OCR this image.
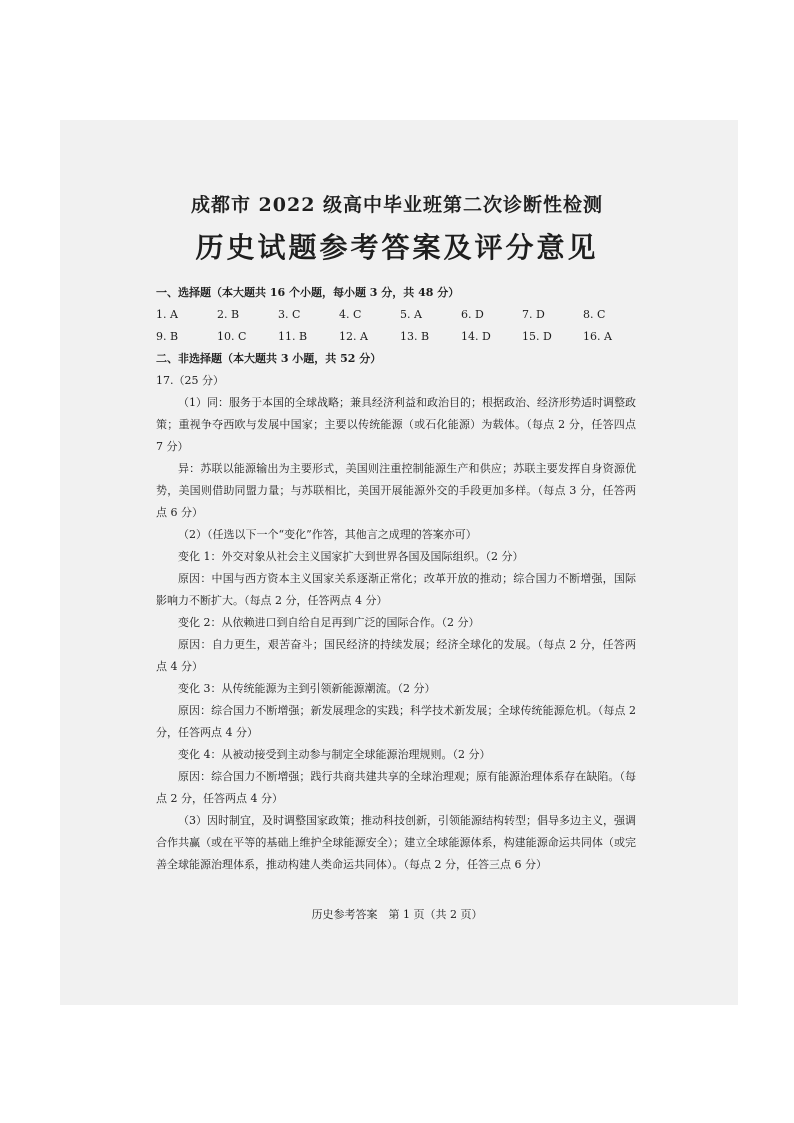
成都市 2022 级高中毕业班第二次诊断性检测
历史试题参考答案及评分意见

一、选择题（本大题共 16 个小题，每小题 3 分，共 48 分）

1. A	2. B	3. C	4. C	5. A	6. D	7. D	8. C
9. B	10. C	11. B	12. A	13. B	14. D	15. D	16. A

二、非选择题（本大题共 3 小题，共 52 分）

17.（25 分）

（1）同：服务于本国的全球战略；兼具经济利益和政治目的；根据政治、经济形势适时调整政策；重视争夺西欧与发展中国家；主要以传统能源（或石化能源）为载体。（每点 2 分，任答四点 7 分）

异：苏联以能源输出为主要形式，美国则注重控制能源生产和供应；苏联主要发挥自身资源优势，美国则借助同盟力量；与苏联相比，美国开展能源外交的手段更加多样。（每点 3 分，任答两点 6 分）

（2）（任选以下一个“变化”作答，其他言之成理的答案亦可）

变化 1：外交对象从社会主义国家扩大到世界各国及国际组织。（2 分）

原因：中国与西方资本主义国家关系逐渐正常化；改革开放的推动；综合国力不断增强，国际影响力不断扩大。（每点 2 分，任答两点 4 分）

变化 2：从依赖进口到自给自足再到广泛的国际合作。（2 分）

原因：自力更生，艰苦奋斗；国民经济的持续发展；经济全球化的发展。（每点 2 分，任答两点 4 分）

变化 3：从传统能源为主到引领新能源潮流。（2 分）

原因：综合国力不断增强；新发展理念的实践；科学技术新发展；全球传统能源危机。（每点 2 分，任答两点 4 分）

变化 4：从被动接受到主动参与制定全球能源治理规则。（2 分）

原因：综合国力不断增强；践行共商共建共享的全球治理观；原有能源治理体系存在缺陷。（每点 2 分，任答两点 4 分）

（3）因时制宜，及时调整国家政策；推动科技创新，引领能源结构转型；倡导多边主义，强调合作共赢（或在平等的基础上维护全球能源安全）；建立全球能源体系，构建能源命运共同体（或完善全球能源治理体系，推动构建人类命运共同体）。（每点 2 分，任答三点 6 分）

历史参考答案　第 1 页（共 2 页）
